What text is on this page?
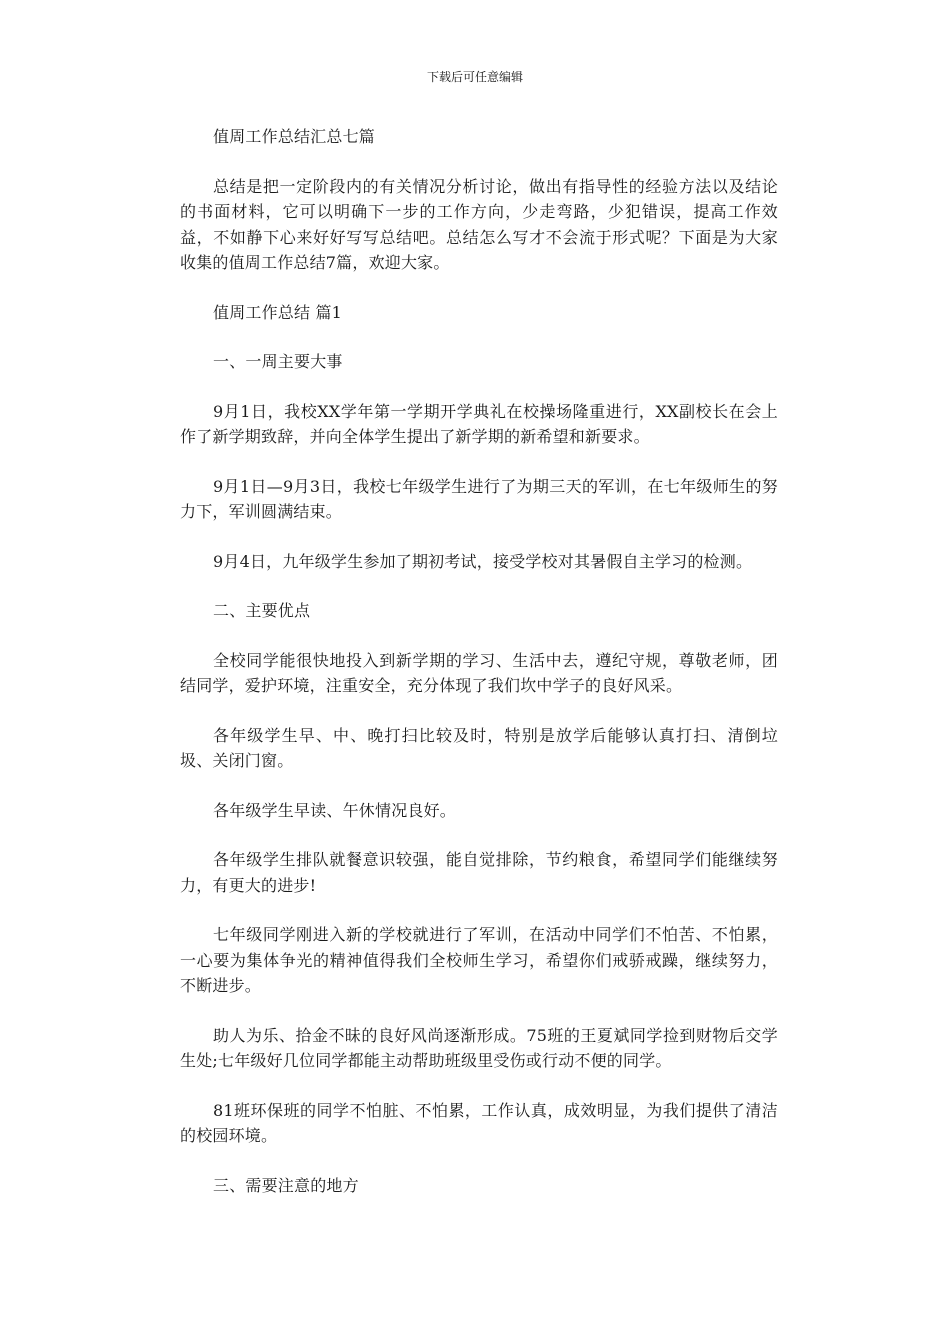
下载后可任意编辑

值周工作总结汇总七篇

总结是把一定阶段内的有关情况分析讨论，做出有指导性的经验方法以及结论的书面材料，它可以明确下一步的工作方向，少走弯路，少犯错误，提高工作效益，不如静下心来好好写写总结吧。总结怎么写才不会流于形式呢？下面是为大家收集的值周工作总结7篇，欢迎大家。

值周工作总结 篇1

一、一周主要大事

9月1日，我校XX学年第一学期开学典礼在校操场隆重进行，XX副校长在会上作了新学期致辞，并向全体学生提出了新学期的新希望和新要求。

9月1日—9月3日，我校七年级学生进行了为期三天的军训，在七年级师生的努力下，军训圆满结束。

9月4日，九年级学生参加了期初考试，接受学校对其暑假自主学习的检测。

二、主要优点

全校同学能很快地投入到新学期的学习、生活中去，遵纪守规，尊敬老师，团结同学，爱护环境，注重安全，充分体现了我们坎中学子的良好风采。

各年级学生早、中、晚打扫比较及时，特别是放学后能够认真打扫、清倒垃圾、关闭门窗。

各年级学生早读、午休情况良好。

各年级学生排队就餐意识较强，能自觉排除，节约粮食，希望同学们能继续努力，有更大的进步!

七年级同学刚进入新的学校就进行了军训，在活动中同学们不怕苦、不怕累，一心要为集体争光的精神值得我们全校师生学习，希望你们戒骄戒躁，继续努力，不断进步。

助人为乐、拾金不昧的良好风尚逐渐形成。75班的王夏斌同学捡到财物后交学生处;七年级好几位同学都能主动帮助班级里受伤或行动不便的同学。

81班环保班的同学不怕脏、不怕累，工作认真，成效明显，为我们提供了清洁的校园环境。

三、需要注意的地方
